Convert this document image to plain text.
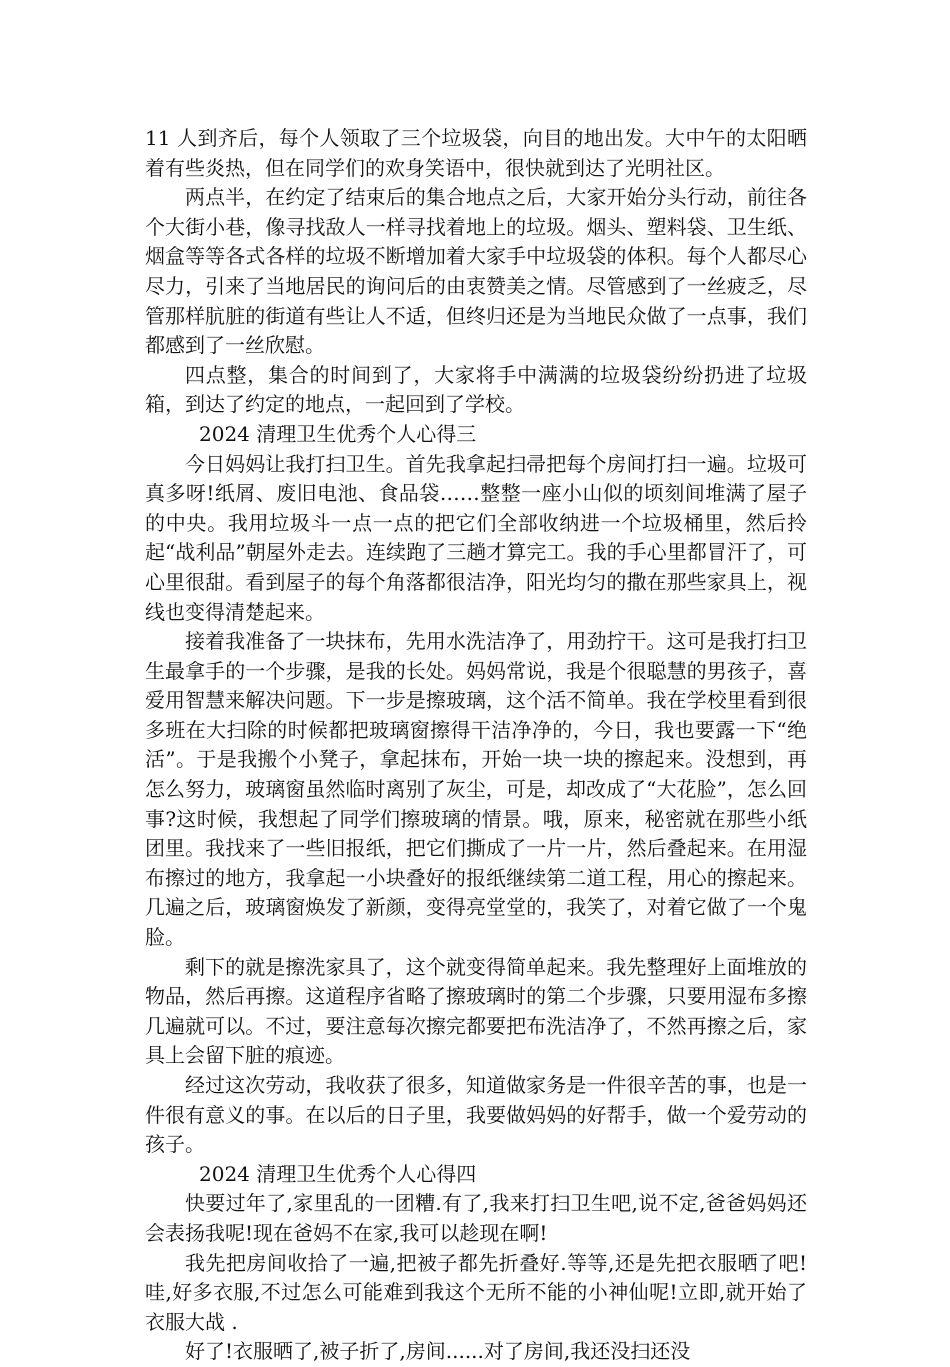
11 人到齐后，每个人领取了三个垃圾袋，向目的地出发。大中午的太阳晒着有些炎热，但在同学们的欢身笑语中，很快就到达了光明社区。

两点半，在约定了结束后的集合地点之后，大家开始分头行动，前往各个大街小巷，像寻找敌人一样寻找着地上的垃圾。烟头、塑料袋、卫生纸、烟盒等等各式各样的垃圾不断增加着大家手中垃圾袋的体积。每个人都尽心尽力，引来了当地居民的询问后的由衷赞美之情。尽管感到了一丝疲乏，尽管那样肮脏的街道有些让人不适，但终归还是为当地民众做了一点事，我们都感到了一丝欣慰。

四点整，集合的时间到了，大家将手中满满的垃圾袋纷纷扔进了垃圾箱，到达了约定的地点，一起回到了学校。

2024 清理卫生优秀个人心得三

今日妈妈让我打扫卫生。首先我拿起扫帚把每个房间打扫一遍。垃圾可真多呀!纸屑、废旧电池、食品袋……整整一座小山似的顷刻间堆满了屋子的中央。我用垃圾斗一点一点的把它们全部收纳进一个垃圾桶里，然后拎起“战利品”朝屋外走去。连续跑了三趟才算完工。我的手心里都冒汗了，可心里很甜。看到屋子的每个角落都很洁净，阳光均匀的撒在那些家具上，视线也变得清楚起来。

接着我准备了一块抹布，先用水洗洁净了，用劲拧干。这可是我打扫卫生最拿手的一个步骤，是我的长处。妈妈常说，我是个很聪慧的男孩子，喜爱用智慧来解决问题。下一步是擦玻璃，这个活不简单。我在学校里看到很多班在大扫除的时候都把玻璃窗擦得干洁净净的，今日，我也要露一下“绝活”。于是我搬个小凳子，拿起抹布，开始一块一块的擦起来。没想到，再怎么努力，玻璃窗虽然临时离别了灰尘，可是，却改成了“大花脸”，怎么回事?这时候，我想起了同学们擦玻璃的情景。哦，原来，秘密就在那些小纸团里。我找来了一些旧报纸，把它们撕成了一片一片，然后叠起来。在用湿布擦过的地方，我拿起一小块叠好的报纸继续第二道工程，用心的擦起来。几遍之后，玻璃窗焕发了新颜，变得亮堂堂的，我笑了，对着它做了一个鬼脸。

剩下的就是擦洗家具了，这个就变得简单起来。我先整理好上面堆放的物品，然后再擦。这道程序省略了擦玻璃时的第二个步骤，只要用湿布多擦几遍就可以。不过，要注意每次擦完都要把布洗洁净了，不然再擦之后，家具上会留下脏的痕迹。

经过这次劳动，我收获了很多，知道做家务是一件很辛苦的事，也是一件很有意义的事。在以后的日子里，我要做妈妈的好帮手，做一个爱劳动的孩子。

2024 清理卫生优秀个人心得四

快要过年了,家里乱的一团糟.有了,我来打扫卫生吧,说不定,爸爸妈妈还会表扬我呢!现在爸妈不在家,我可以趁现在啊!

我先把房间收拾了一遍,把被子都先折叠好.等等,还是先把衣服晒了吧!哇,好多衣服,不过怎么可能难到我这个无所不能的小神仙呢!立即,就开始了 衣服大战 .

好了!衣服晒了,被子折了,房间......对了房间,我还没扫还没
